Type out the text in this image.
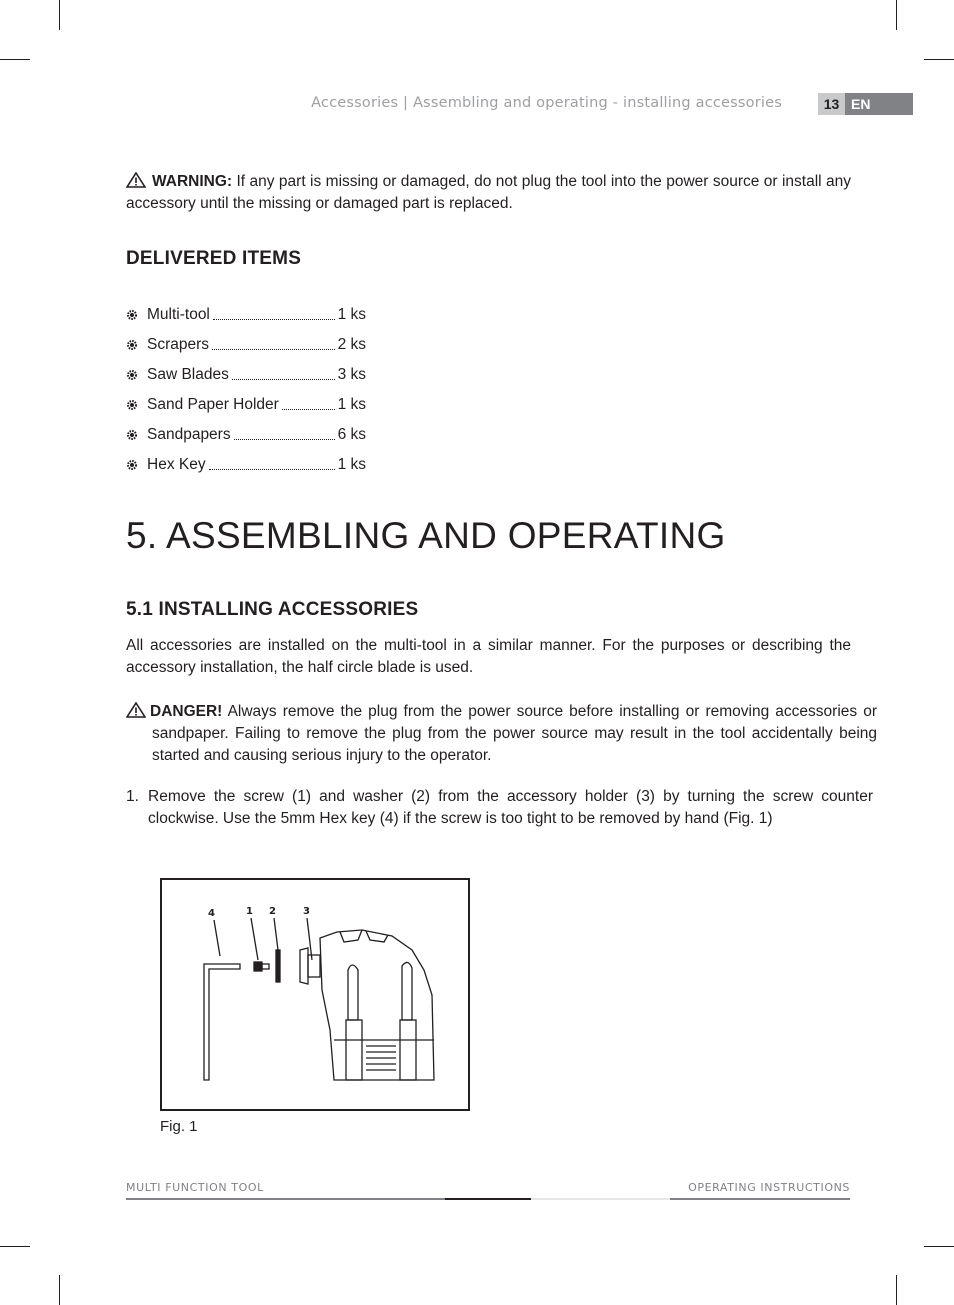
Accessories | Assembling and operating - installing accessories	13 EN
WARNING: If any part is missing or damaged, do not plug the tool into the power source or install any accessory until the missing or damaged part is replaced.
DELIVERED ITEMS
Multi-tool	1 ks
Scrapers	2 ks
Saw Blades	3 ks
Sand Paper Holder	1 ks
Sandpapers	6 ks
Hex Key	1 ks
5. ASSEMBLING AND OPERATING
5.1 INSTALLING ACCESSORIES
All accessories are installed on the multi-tool in a similar manner. For the purposes or describing the accessory installation, the half circle blade is used.
DANGER! Always remove the plug from the power source before installing or removing accessories or sandpaper. Failing to remove the plug from the power source may result in the tool accidentally being started and causing serious injury to the operator.
1. Remove the screw (1) and washer (2) from the accessory holder (3) by turning the screw counter clockwise. Use the 5mm Hex key (4) if the screw is too tight to be removed by hand (Fig. 1)
4	1 2	3
Fig. 1
MULTI FUNCTION TOOL	OPERATING INSTRUCTIONS
